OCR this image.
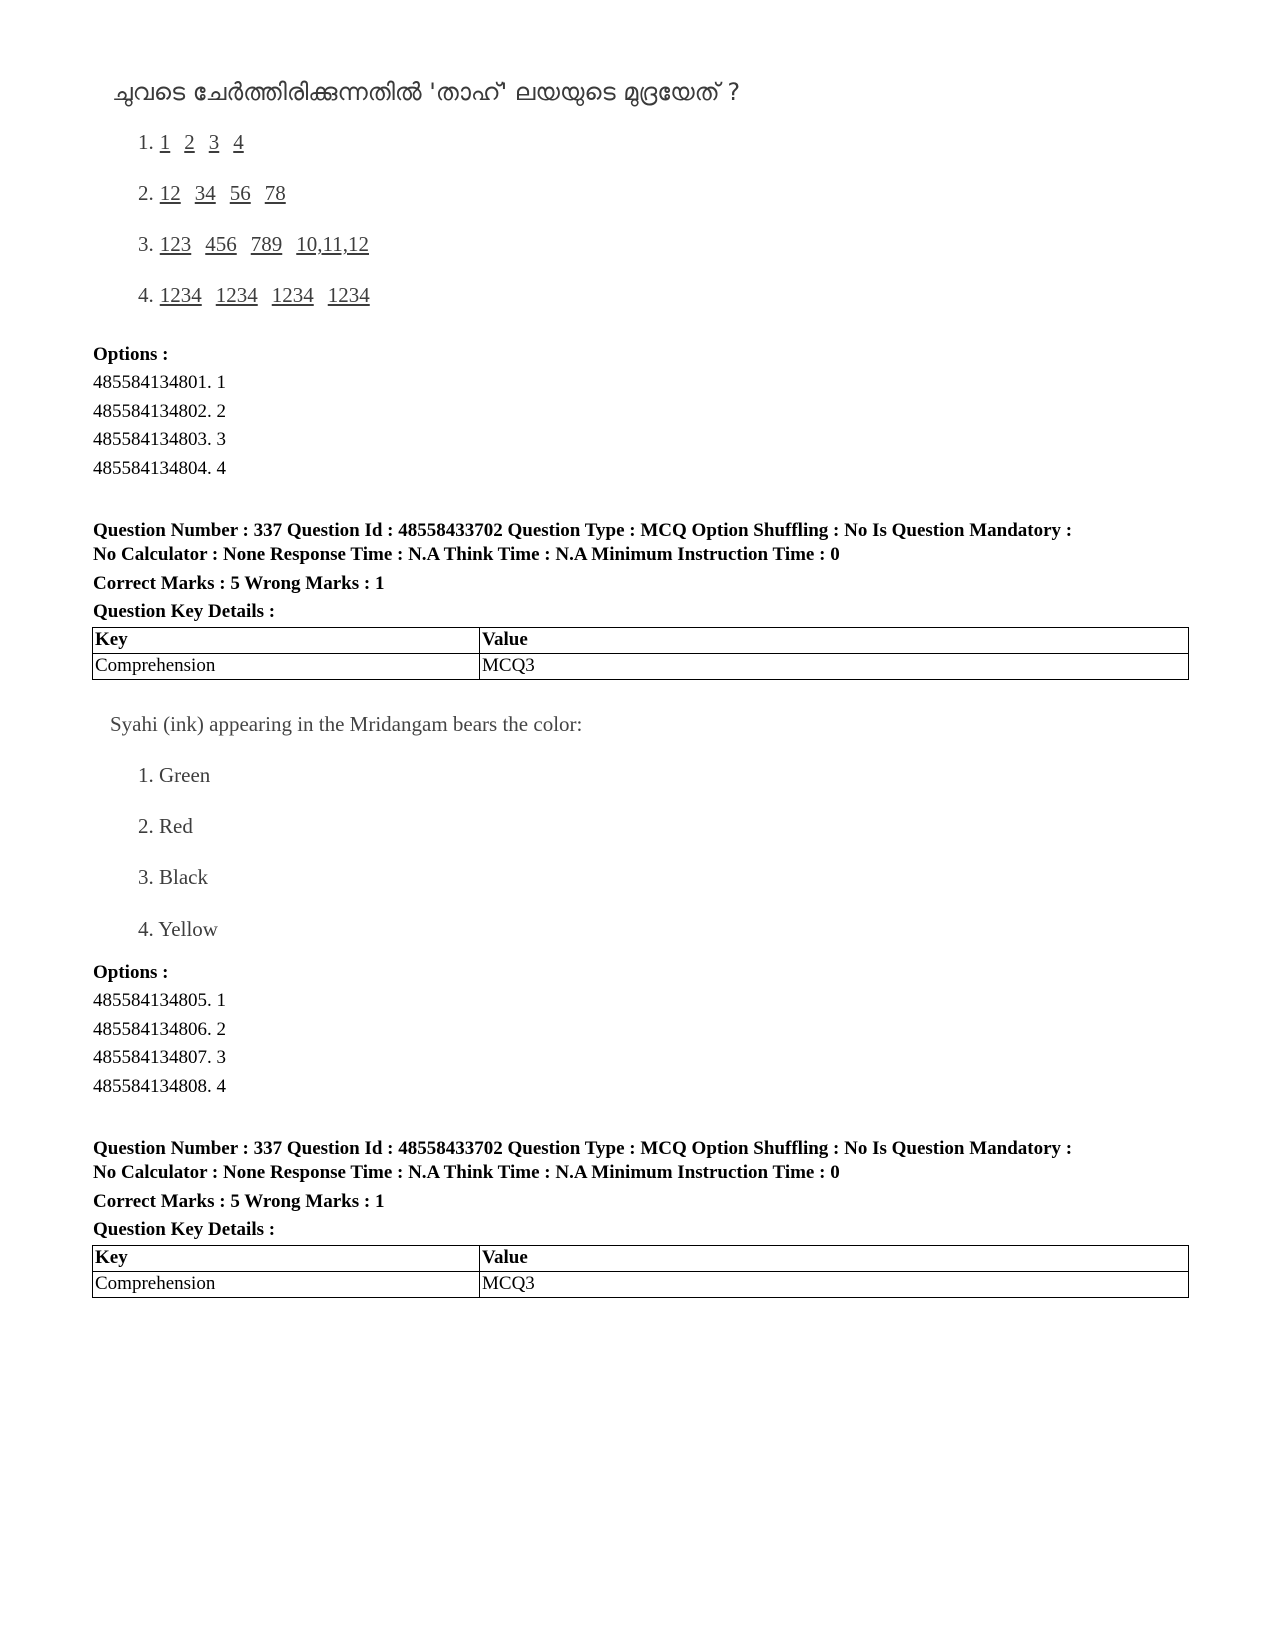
ചുവടെ ചേർത്തിരിക്കുന്നതിൽ 'താഹ്' ലയയുടെ മുദ്രയേത് ?
1. 1 2 3 4
2. 12 34 56 78
3. 123 456 789 10,11,12
4. 1234 1234 1234 1234
Options :
485584134801. 1
485584134802. 2
485584134803. 3
485584134804. 4
Question Number : 337 Question Id : 48558433702 Question Type : MCQ Option Shuffling : No Is Question Mandatory :
No Calculator : None Response Time : N.A Think Time : N.A Minimum Instruction Time : 0
Correct Marks : 5 Wrong Marks : 1
Question Key Details :
Key	Value
Comprehension	MCQ3
Syahi (ink) appearing in the Mridangam bears the color:
1. Green
2. Red
3. Black
4. Yellow
Options :
485584134805. 1
485584134806. 2
485584134807. 3
485584134808. 4
Question Number : 337 Question Id : 48558433702 Question Type : MCQ Option Shuffling : No Is Question Mandatory :
No Calculator : None Response Time : N.A Think Time : N.A Minimum Instruction Time : 0
Correct Marks : 5 Wrong Marks : 1
Question Key Details :
Key	Value
Comprehension	MCQ3
